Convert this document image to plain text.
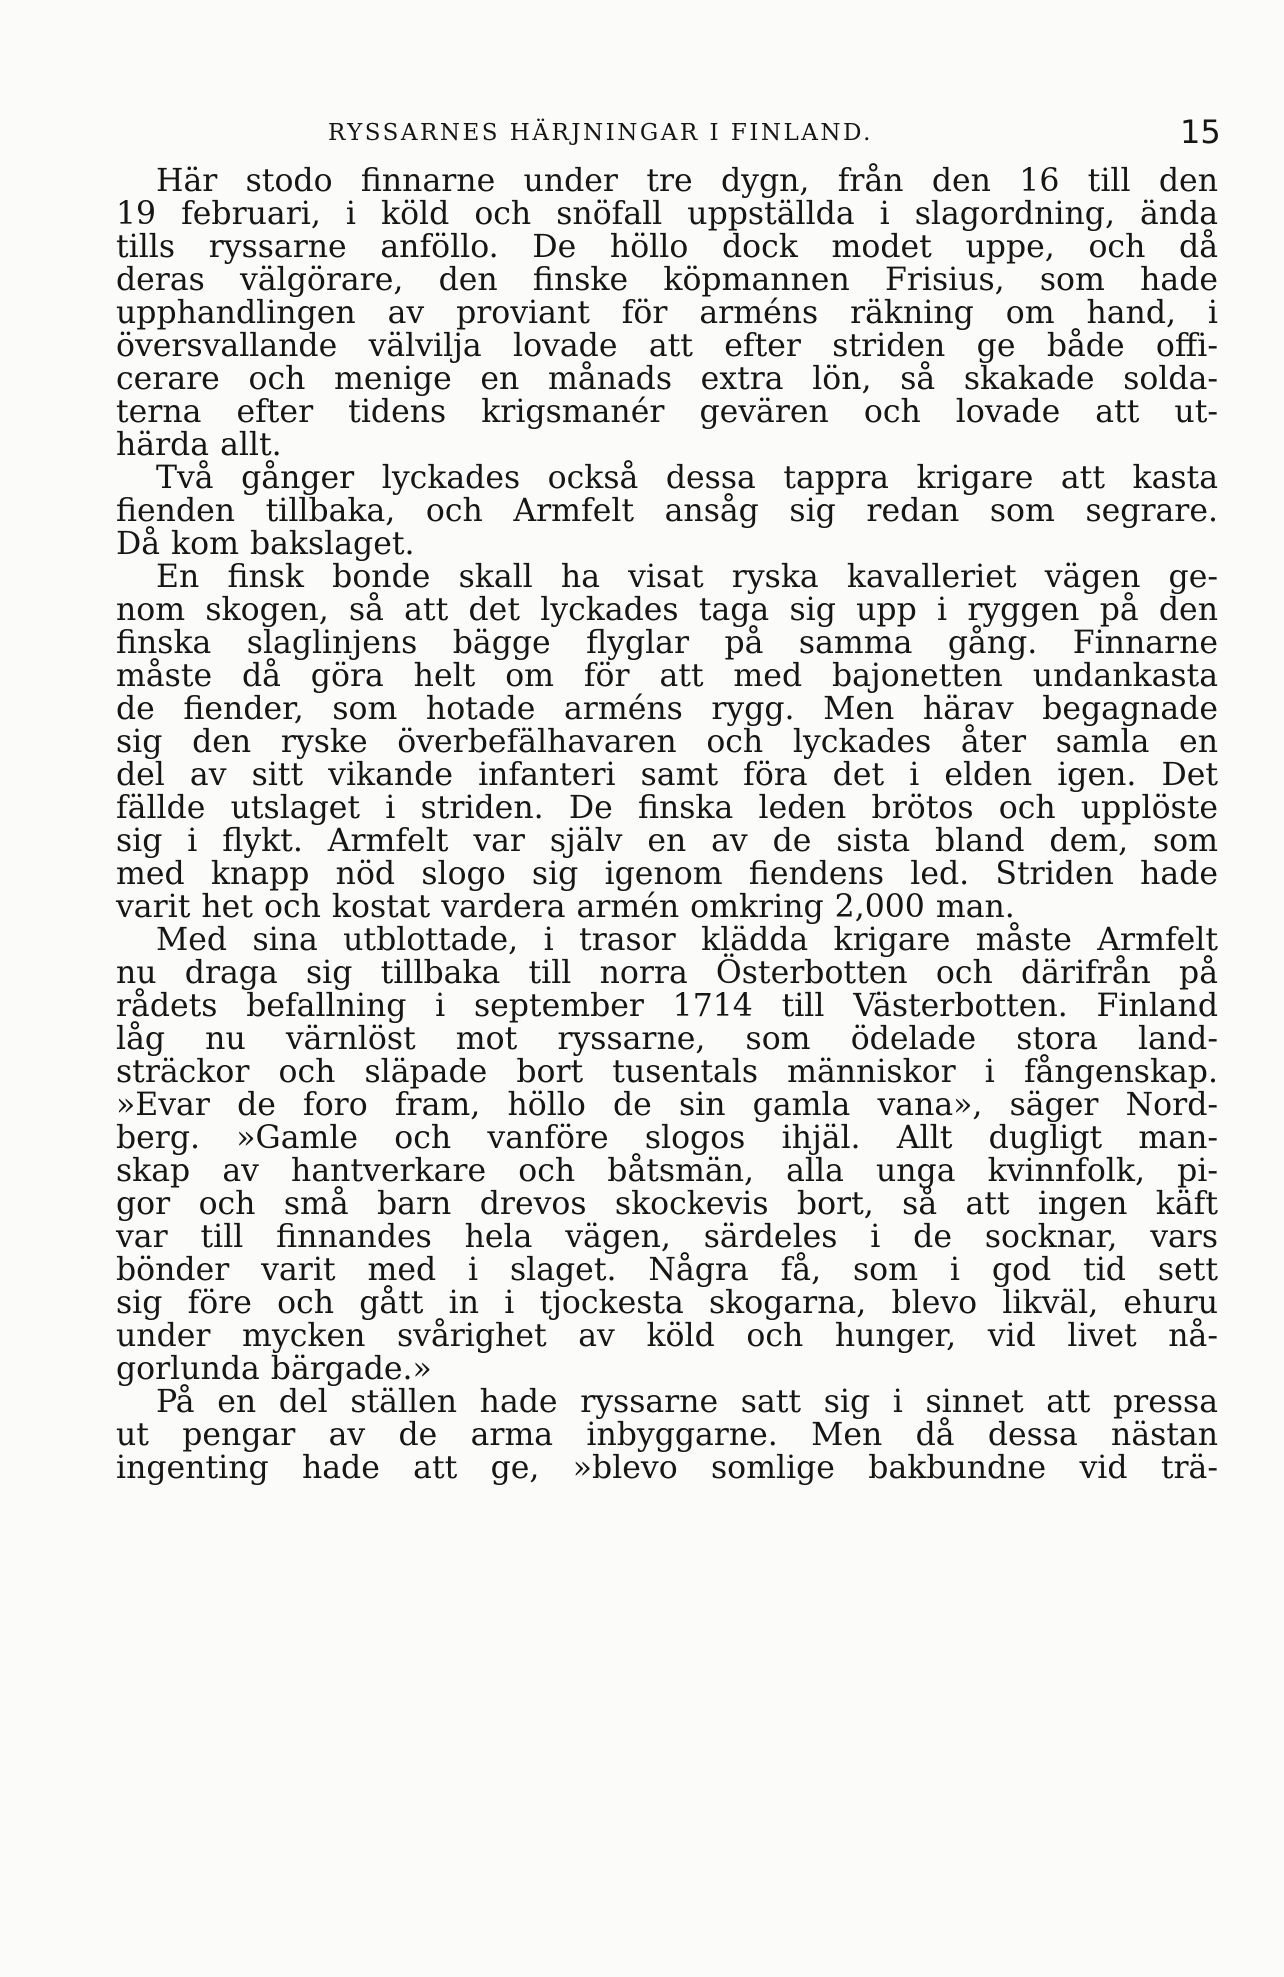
RYSSARNES HÄRJNINGAR I FINLAND.	15
Här stodo finnarne under tre dygn, från den 16 till den
19 februari, i köld och snöfall uppställda i slagordning, ända
tills ryssarne anföllo. De höllo dock modet uppe, och då
deras välgörare, den finske köpmannen Frisius, som hade
upphandlingen av proviant för arméns räkning om hand, i
översvallande välvilja lovade att efter striden ge både offi-
cerare och menige en månads extra lön, så skakade solda-
terna efter tidens krigsmanér gevären och lovade att ut-
härda allt.
Två gånger lyckades också dessa tappra krigare att kasta
fienden tillbaka, och Armfelt ansåg sig redan som segrare.
Då kom bakslaget.
En finsk bonde skall ha visat ryska kavalleriet vägen ge-
nom skogen, så att det lyckades taga sig upp i ryggen på den
finska slaglinjens bägge flyglar på samma gång. Finnarne
måste då göra helt om för att med bajonetten undankasta
de fiender, som hotade arméns rygg. Men härav begagnade
sig den ryske överbefälhavaren och lyckades åter samla en
del av sitt vikande infanteri samt föra det i elden igen. Det
fällde utslaget i striden. De finska leden brötos och upplöste
sig i flykt. Armfelt var själv en av de sista bland dem, som
med knapp nöd slogo sig igenom fiendens led. Striden hade
varit het och kostat vardera armén omkring 2,000 man.
Med sina utblottade, i trasor klädda krigare måste Armfelt
nu draga sig tillbaka till norra Österbotten och därifrån på
rådets befallning i september 1714 till Västerbotten. Finland
låg nu värnlöst mot ryssarne, som ödelade stora land-
sträckor och släpade bort tusentals människor i fångenskap.
»Evar de foro fram, höllo de sin gamla vana», säger Nord-
berg. »Gamle och vanföre slogos ihjäl. Allt dugligt man-
skap av hantverkare och båtsmän, alla unga kvinnfolk, pi-
gor och små barn drevos skockevis bort, så att ingen käft
var till finnandes hela vägen, särdeles i de socknar, vars
bönder varit med i slaget. Några få, som i god tid sett
sig före och gått in i tjockesta skogarna, blevo likväl, ehuru
under mycken svårighet av köld och hunger, vid livet nå-
gorlunda bärgade.»
På en del ställen hade ryssarne satt sig i sinnet att pressa
ut pengar av de arma inbyggarne. Men då dessa nästan
ingenting hade att ge, »blevo somlige bakbundne vid trä-
